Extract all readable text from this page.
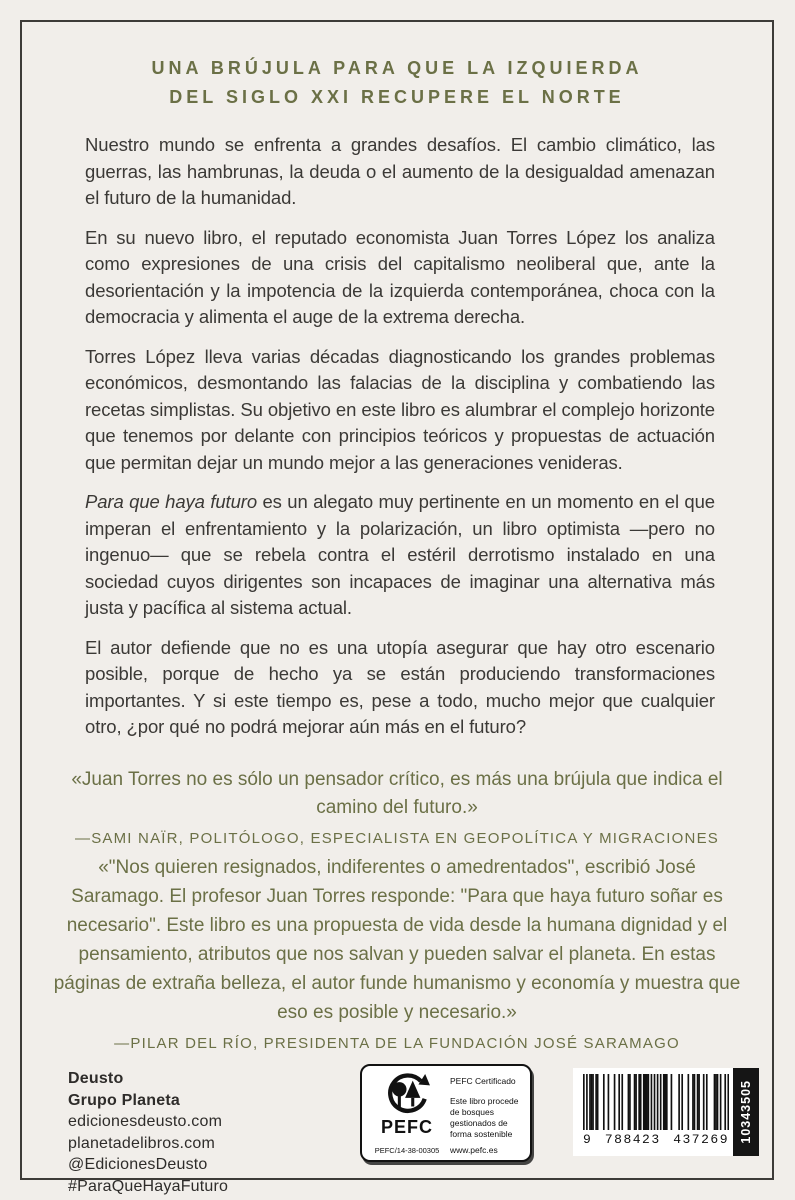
UNA BRÚJULA PARA QUE LA IZQUIERDA
DEL SIGLO XXI RECUPERE EL NORTE

Nuestro mundo se enfrenta a grandes desafíos. El cambio climático, las guerras, las hambrunas, la deuda o el aumento de la desigualdad amenazan el futuro de la humanidad.

En su nuevo libro, el reputado economista Juan Torres López los analiza como expresiones de una crisis del capitalismo neoliberal que, ante la desorientación y la impotencia de la izquierda contemporánea, choca con la democracia y alimenta el auge de la extrema derecha.

Torres López lleva varias décadas diagnosticando los grandes problemas económicos, desmontando las falacias de la disciplina y combatiendo las recetas simplistas. Su objetivo en este libro es alumbrar el complejo horizonte que tenemos por delante con principios teóricos y propuestas de actuación que permitan dejar un mundo mejor a las generaciones venideras.

Para que haya futuro es un alegato muy pertinente en un momento en el que imperan el enfrentamiento y la polarización, un libro optimista —pero no ingenuo— que se rebela contra el estéril derrotismo instalado en una sociedad cuyos dirigentes son incapaces de imaginar una alternativa más justa y pacífica al sistema actual.

El autor defiende que no es una utopía asegurar que hay otro escenario posible, porque de hecho ya se están produciendo transformaciones importantes. Y si este tiempo es, pese a todo, mucho mejor que cualquier otro, ¿por qué no podrá mejorar aún más en el futuro?

«Juan Torres no es sólo un pensador crítico, es más una brújula que indica el camino del futuro.»
—SAMI NAÏR, POLITÓLOGO, ESPECIALISTA EN GEOPOLÍTICA Y MIGRACIONES
«"Nos quieren resignados, indiferentes o amedrentados", escribió José Saramago. El profesor Juan Torres responde: "Para que haya futuro soñar es necesario". Este libro es una propuesta de vida desde la humana dignidad y el pensamiento, atributos que nos salvan y pueden salvar el planeta. En estas páginas de extraña belleza, el autor funde humanismo y economía y muestra que eso es posible y necesario.»
—PILAR DEL RÍO, PRESIDENTA DE LA FUNDACIÓN JOSÉ SARAMAGO
Deusto
Grupo Planeta
edicionesdeusto.com
planetadelibros.com
@EdicionesDeusto
#ParaQueHayaFuturo
PEFC
PEFC Certificado
Este libro procede de bosques gestionados de forma sostenible
PEFC/14-38-00305	www.pefc.es
9 788423 437269 10343505
